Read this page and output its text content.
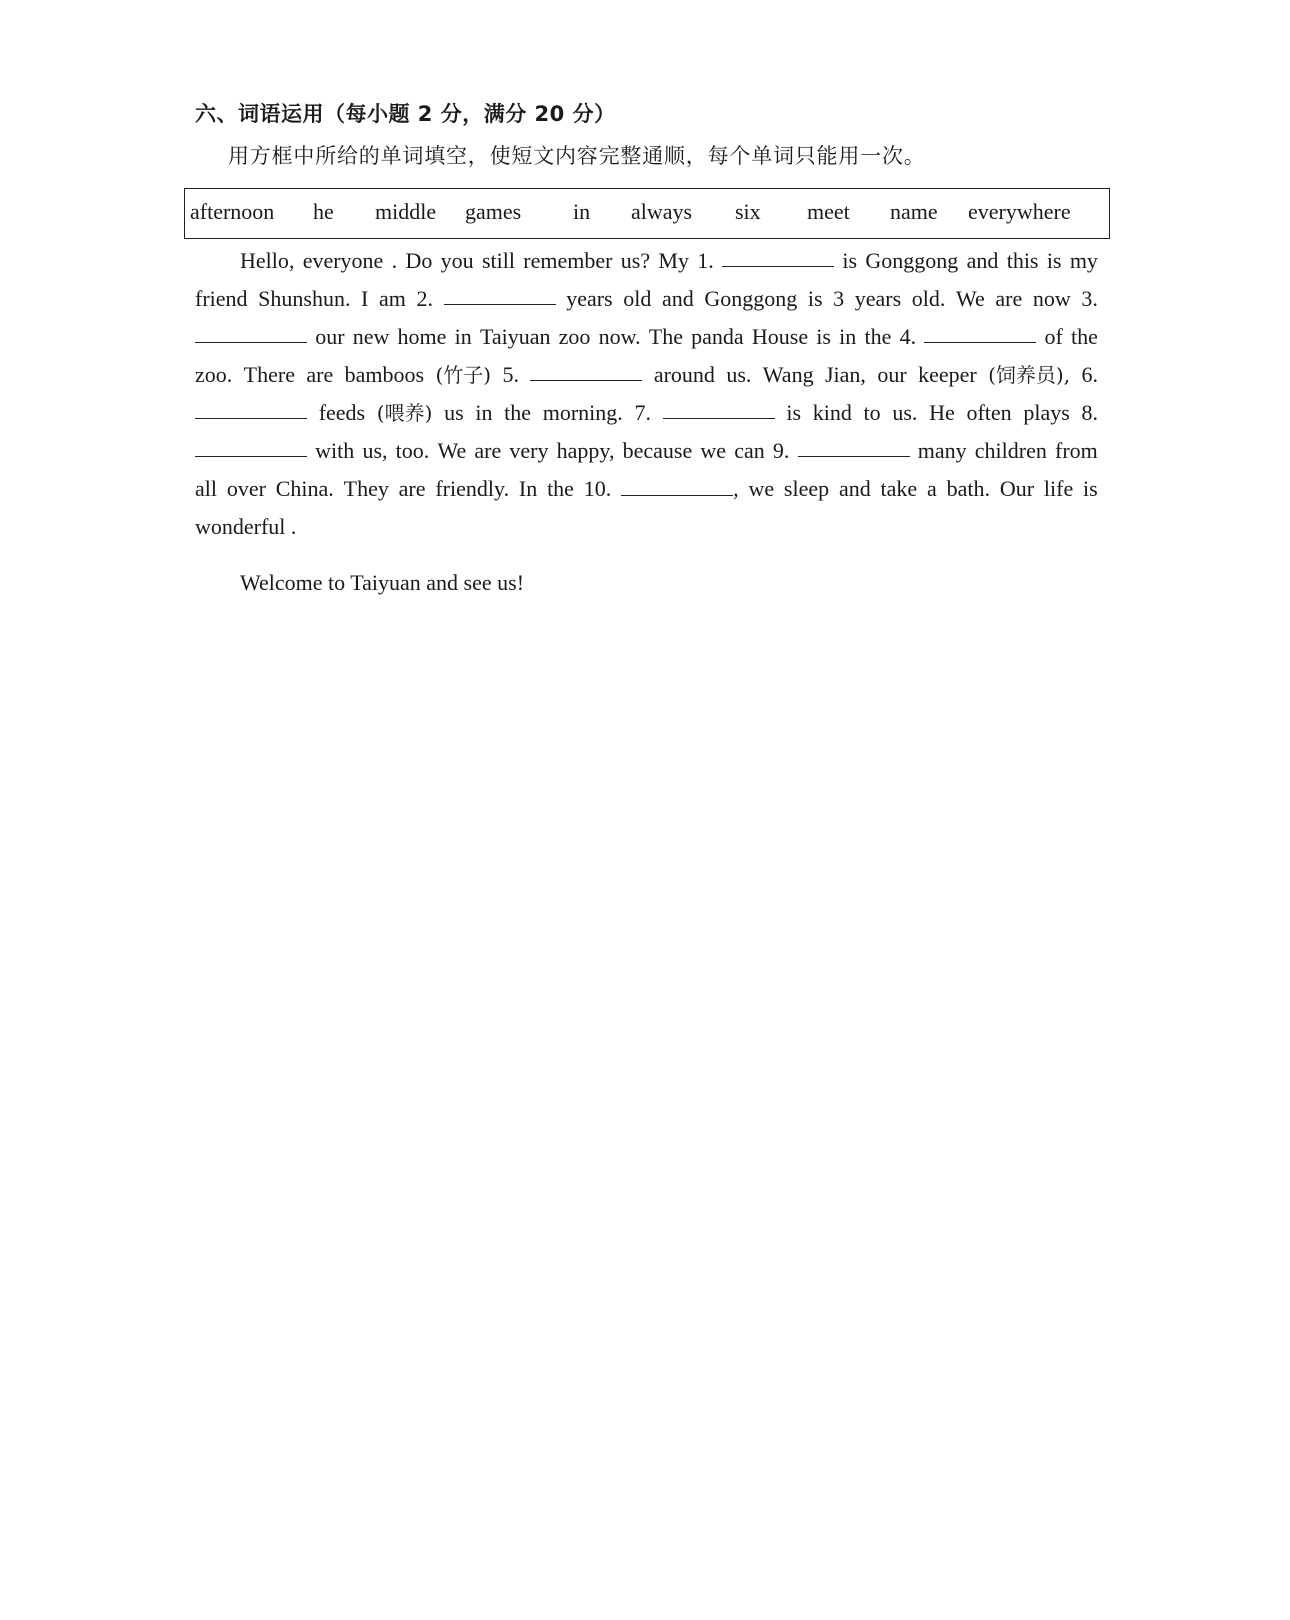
六、词语运用（每小题 2 分，满分 20 分）
用方框中所给的单词填空，使短文内容完整通顺，每个单词只能用一次。
afternoon he middle games in always six meet name everywhere
Hello, everyone . Do you still remember us? My 1.	is Gonggong and this is my
friend Shunshun. I am 2.	years old and Gonggong is 3 years old. We are now 3.
our new home in Taiyuan zoo now. The panda House is in the 4.	of the
zoo. There are bamboos (竹子) 5.	around us. Wang Jian, our keeper (饲养员), 6.
feeds (喂养) us in the morning. 7.	is kind to us. He often plays 8.
with us, too. We are very happy, because we can 9.	many children from
all over China. They are friendly. In the 10.	, we sleep and take a bath. Our life is
wonderful .
Welcome to Taiyuan and see us!
